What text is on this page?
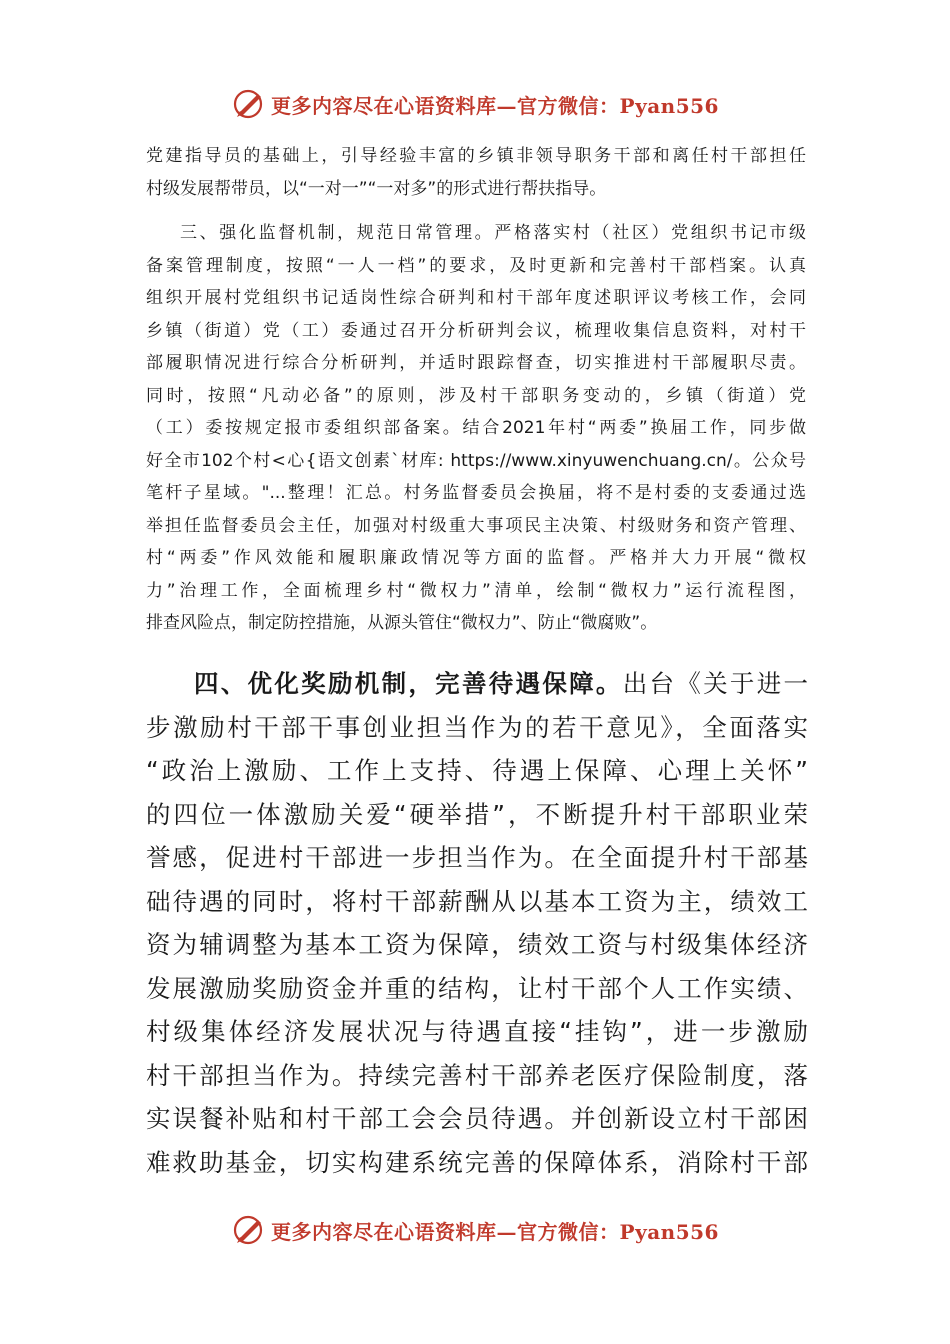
更多内容尽在心语资料库—官方微信：Pyan556
党建指导员的基础上，引导经验丰富的乡镇非领导职务干部和离任村干部担任
村级发展帮带员，以“一对一”“一对多”的形式进行帮扶指导。
三、强化监督机制，规范日常管理。严格落实村（社区）党组织书记市级
备案管理制度，按照“一人一档”的要求，及时更新和完善村干部档案。认真
组织开展村党组织书记适岗性综合研判和村干部年度述职评议考核工作，会同
乡镇（街道）党（工）委通过召开分析研判会议，梳理收集信息资料，对村干
部履职情况进行综合分析研判，并适时跟踪督查，切实推进村干部履职尽责。
同时，按照“凡动必备”的原则，涉及村干部职务变动的，乡镇（街道）党
（工）委按规定报市委组织部备案。结合2021年村“两委”换届工作，同步做
好全市102个村<心{语文创素`材库: https://www.xinyuwenchuang.cn/。公众号
笔杆子星域。"...整理！汇总。村务监督委员会换届，将不是村委的支委通过选
举担任监督委员会主任，加强对村级重大事项民主决策、村级财务和资产管理、
村“两委”作风效能和履职廉政情况等方面的监督。严格并大力开展“微权
力”治理工作，全面梳理乡村“微权力”清单，绘制“微权力”运行流程图，
排查风险点，制定防控措施，从源头管住“微权力”、防止“微腐败”。
四、优化奖励机制，完善待遇保障。出台《关于进一
步激励村干部干事创业担当作为的若干意见》，全面落实
“政治上激励、工作上支持、待遇上保障、心理上关怀”
的四位一体激励关爱“硬举措”，不断提升村干部职业荣
誉感，促进村干部进一步担当作为。在全面提升村干部基
础待遇的同时，将村干部薪酬从以基本工资为主，绩效工
资为辅调整为基本工资为保障，绩效工资与村级集体经济
发展激励奖励资金并重的结构，让村干部个人工作实绩、
村级集体经济发展状况与待遇直接“挂钩”，进一步激励
村干部担当作为。持续完善村干部养老医疗保险制度，落
实误餐补贴和村干部工会会员待遇。并创新设立村干部困
难救助基金，切实构建系统完善的保障体系，消除村干部
更多内容尽在心语资料库—官方微信：Pyan556
